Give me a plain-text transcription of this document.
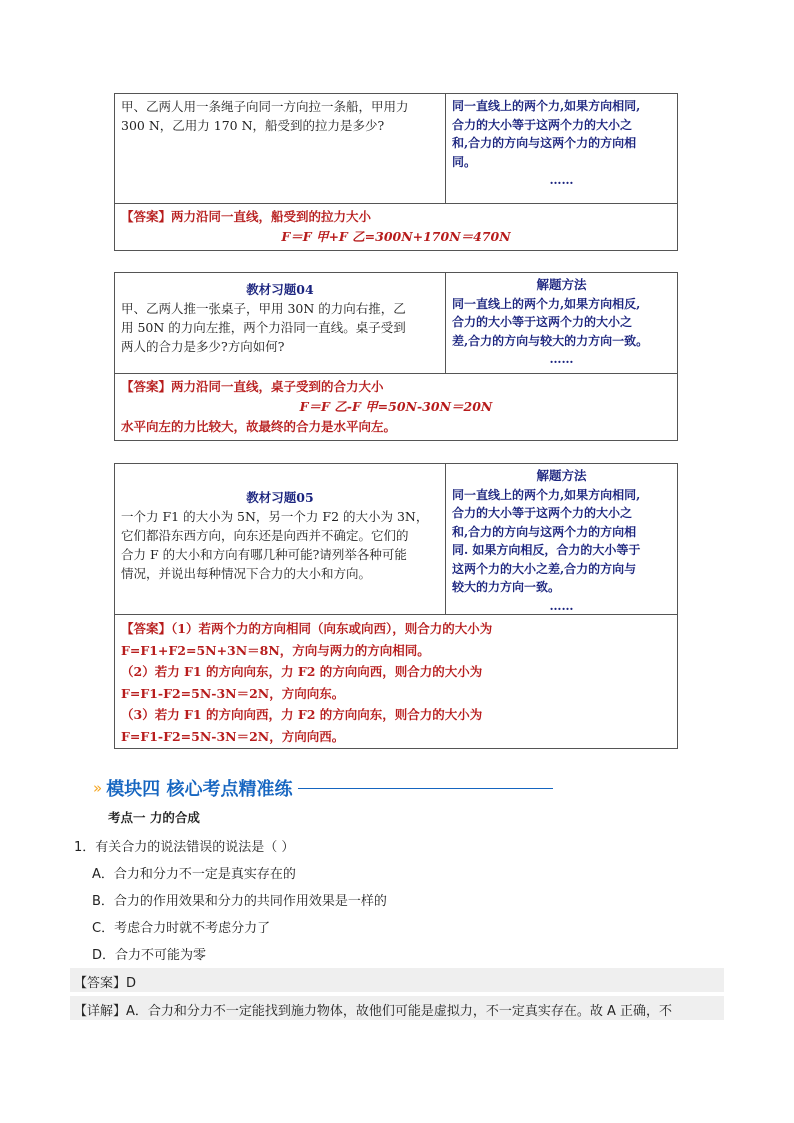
甲、乙两人用一条绳子向同一方向拉一条船，甲用力
300 N，乙用力 170 N，船受到的拉力是多少?
同一直线上的两个力,如果方向相同,
合力的大小等于这两个力的大小之
和,合力的方向与这两个力的方向相
同。
……
【答案】两力沿同一直线，船受到的拉力大小
F＝F 甲+F 乙=300N+170N＝470N
教材习题04
甲、乙两人推一张桌子，甲用 30N 的力向右推，乙
用 50N 的力向左推，两个力沿同一直线。桌子受到
两人的合力是多少?方向如何?
解题方法
同一直线上的两个力,如果方向相反,
合力的大小等于这两个力的大小之
差,合力的方向与较大的力方向一致。
……
【答案】两力沿同一直线，桌子受到的合力大小
F＝F 乙-F 甲=50N-30N＝20N
水平向左的力比较大，故最终的合力是水平向左。
教材习题05
一个力 F1 的大小为 5N，另一个力 F2 的大小为 3N，
它们都沿东西方向，向东还是向西并不确定。它们的
合力 F 的大小和方向有哪几种可能?请列举各种可能
情况，并说出每种情况下合力的大小和方向。
解题方法
同一直线上的两个力,如果方向相同,
合力的大小等于这两个力的大小之
和,合力的方向与这两个力的方向相
同. 如果方向相反，合力的大小等于
这两个力的大小之差,合力的方向与
较大的力方向一致。
……
【答案】（1）若两个力的方向相同（向东或向西），则合力的大小为
F=F1+F2=5N+3N＝8N，方向与两力的方向相同。
（2）若力 F1 的方向向东，力 F2 的方向向西，则合力的大小为
F=F1-F2=5N-3N＝2N，方向向东。
（3）若力 F1 的方向向西，力 F2 的方向向东，则合力的大小为
F=F1-F2=5N-3N＝2N，方向向西。
» 模块四 核心考点精准练
考点一 力的合成
1．有关合力的说法错误的说法是（ ）
A．合力和分力不一定是真实存在的
B．合力的作用效果和分力的共同作用效果是一样的
C．考虑合力时就不考虑分力了
D．合力不可能为零
【答案】D
【详解】A．合力和分力不一定能找到施力物体，故他们可能是虚拟力，不一定真实存在。故 A 正确，不
